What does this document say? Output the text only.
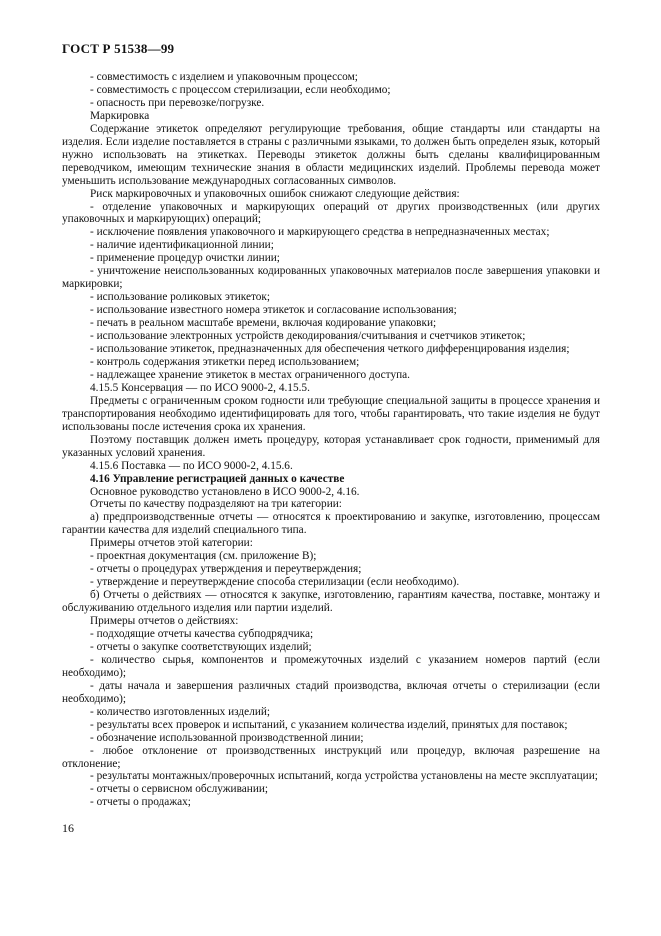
ГОСТ Р 51538—99

- совместимость с изделием и упаковочным процессом;

- совместимость с процессом стерилизации, если необходимо;

- опасность при перевозке/погрузке.

Маркировка

Содержание этикеток определяют регулирующие требования, общие стандарты или стандарты на изделия. Если изделие поставляется в страны с различными языками, то должен быть определен язык, который нужно использовать на этикетках. Переводы этикеток должны быть сделаны квалифицированным переводчиком, имеющим технические знания в области медицинских изделий. Проблемы перевода может уменьшить использование международных согласованных символов.

Риск маркировочных и упаковочных ошибок снижают следующие действия:

- отделение упаковочных и маркирующих операций от других производственных (или других упаковочных и маркирующих) операций;

- исключение появления упаковочного и маркирующего средства в непредназначенных местах;

- наличие идентификационной линии;

- применение процедур очистки линии;

- уничтожение неиспользованных кодированных упаковочных материалов после завершения упаковки и маркировки;

- использование роликовых этикеток;

- использование известного номера этикеток и согласование использования;

- печать в реальном масштабе времени, включая кодирование упаковки;

- использование электронных устройств декодирования/считывания и счетчиков этикеток;

- использование этикеток, предназначенных для обеспечения четкого дифференцирования изделия;

- контроль содержания этикетки перед использованием;

- надлежащее хранение этикеток в местах ограниченного доступа.

4.15.5 Консервация — по ИСО 9000-2, 4.15.5.

Предметы с ограниченным сроком годности или требующие специальной защиты в процессе хранения и транспортирования необходимо идентифицировать для того, чтобы гарантировать, что такие изделия не будут использованы после истечения срока их хранения.

Поэтому поставщик должен иметь процедуру, которая устанавливает срок годности, применимый для указанных условий хранения.

4.15.6 Поставка — по ИСО 9000-2, 4.15.6.

4.16 Управление регистрацией данных о качестве

Основное руководство установлено в ИСО 9000-2, 4.16.

Отчеты по качеству подразделяют на три категории:

а) предпроизводственные отчеты — относятся к проектированию и закупке, изготовлению, процессам гарантии качества для изделий специального типа.

Примеры отчетов этой категории:

- проектная документация (см. приложение В);

- отчеты о процедурах утверждения и переутверждения;

- утверждение и переутверждение способа стерилизации (если необходимо).

б) Отчеты о действиях — относятся к закупке, изготовлению, гарантиям качества, поставке, монтажу и обслуживанию отдельного изделия или партии изделий.

Примеры отчетов о действиях:

- подходящие отчеты качества субподрядчика;

- отчеты о закупке соответствующих изделий;

- количество сырья, компонентов и промежуточных изделий с указанием номеров партий (если необходимо);

- даты начала и завершения различных стадий производства, включая отчеты о стерилизации (если необходимо);

- количество изготовленных изделий;

- результаты всех проверок и испытаний, с указанием количества изделий, принятых для поставок;

- обозначение использованной производственной линии;

- любое отклонение от производственных инструкций или процедур, включая разрешение на отклонение;

- результаты монтажных/проверочных испытаний, когда устройства установлены на месте эксплуатации;

- отчеты о сервисном обслуживании;

- отчеты о продажах;

16
